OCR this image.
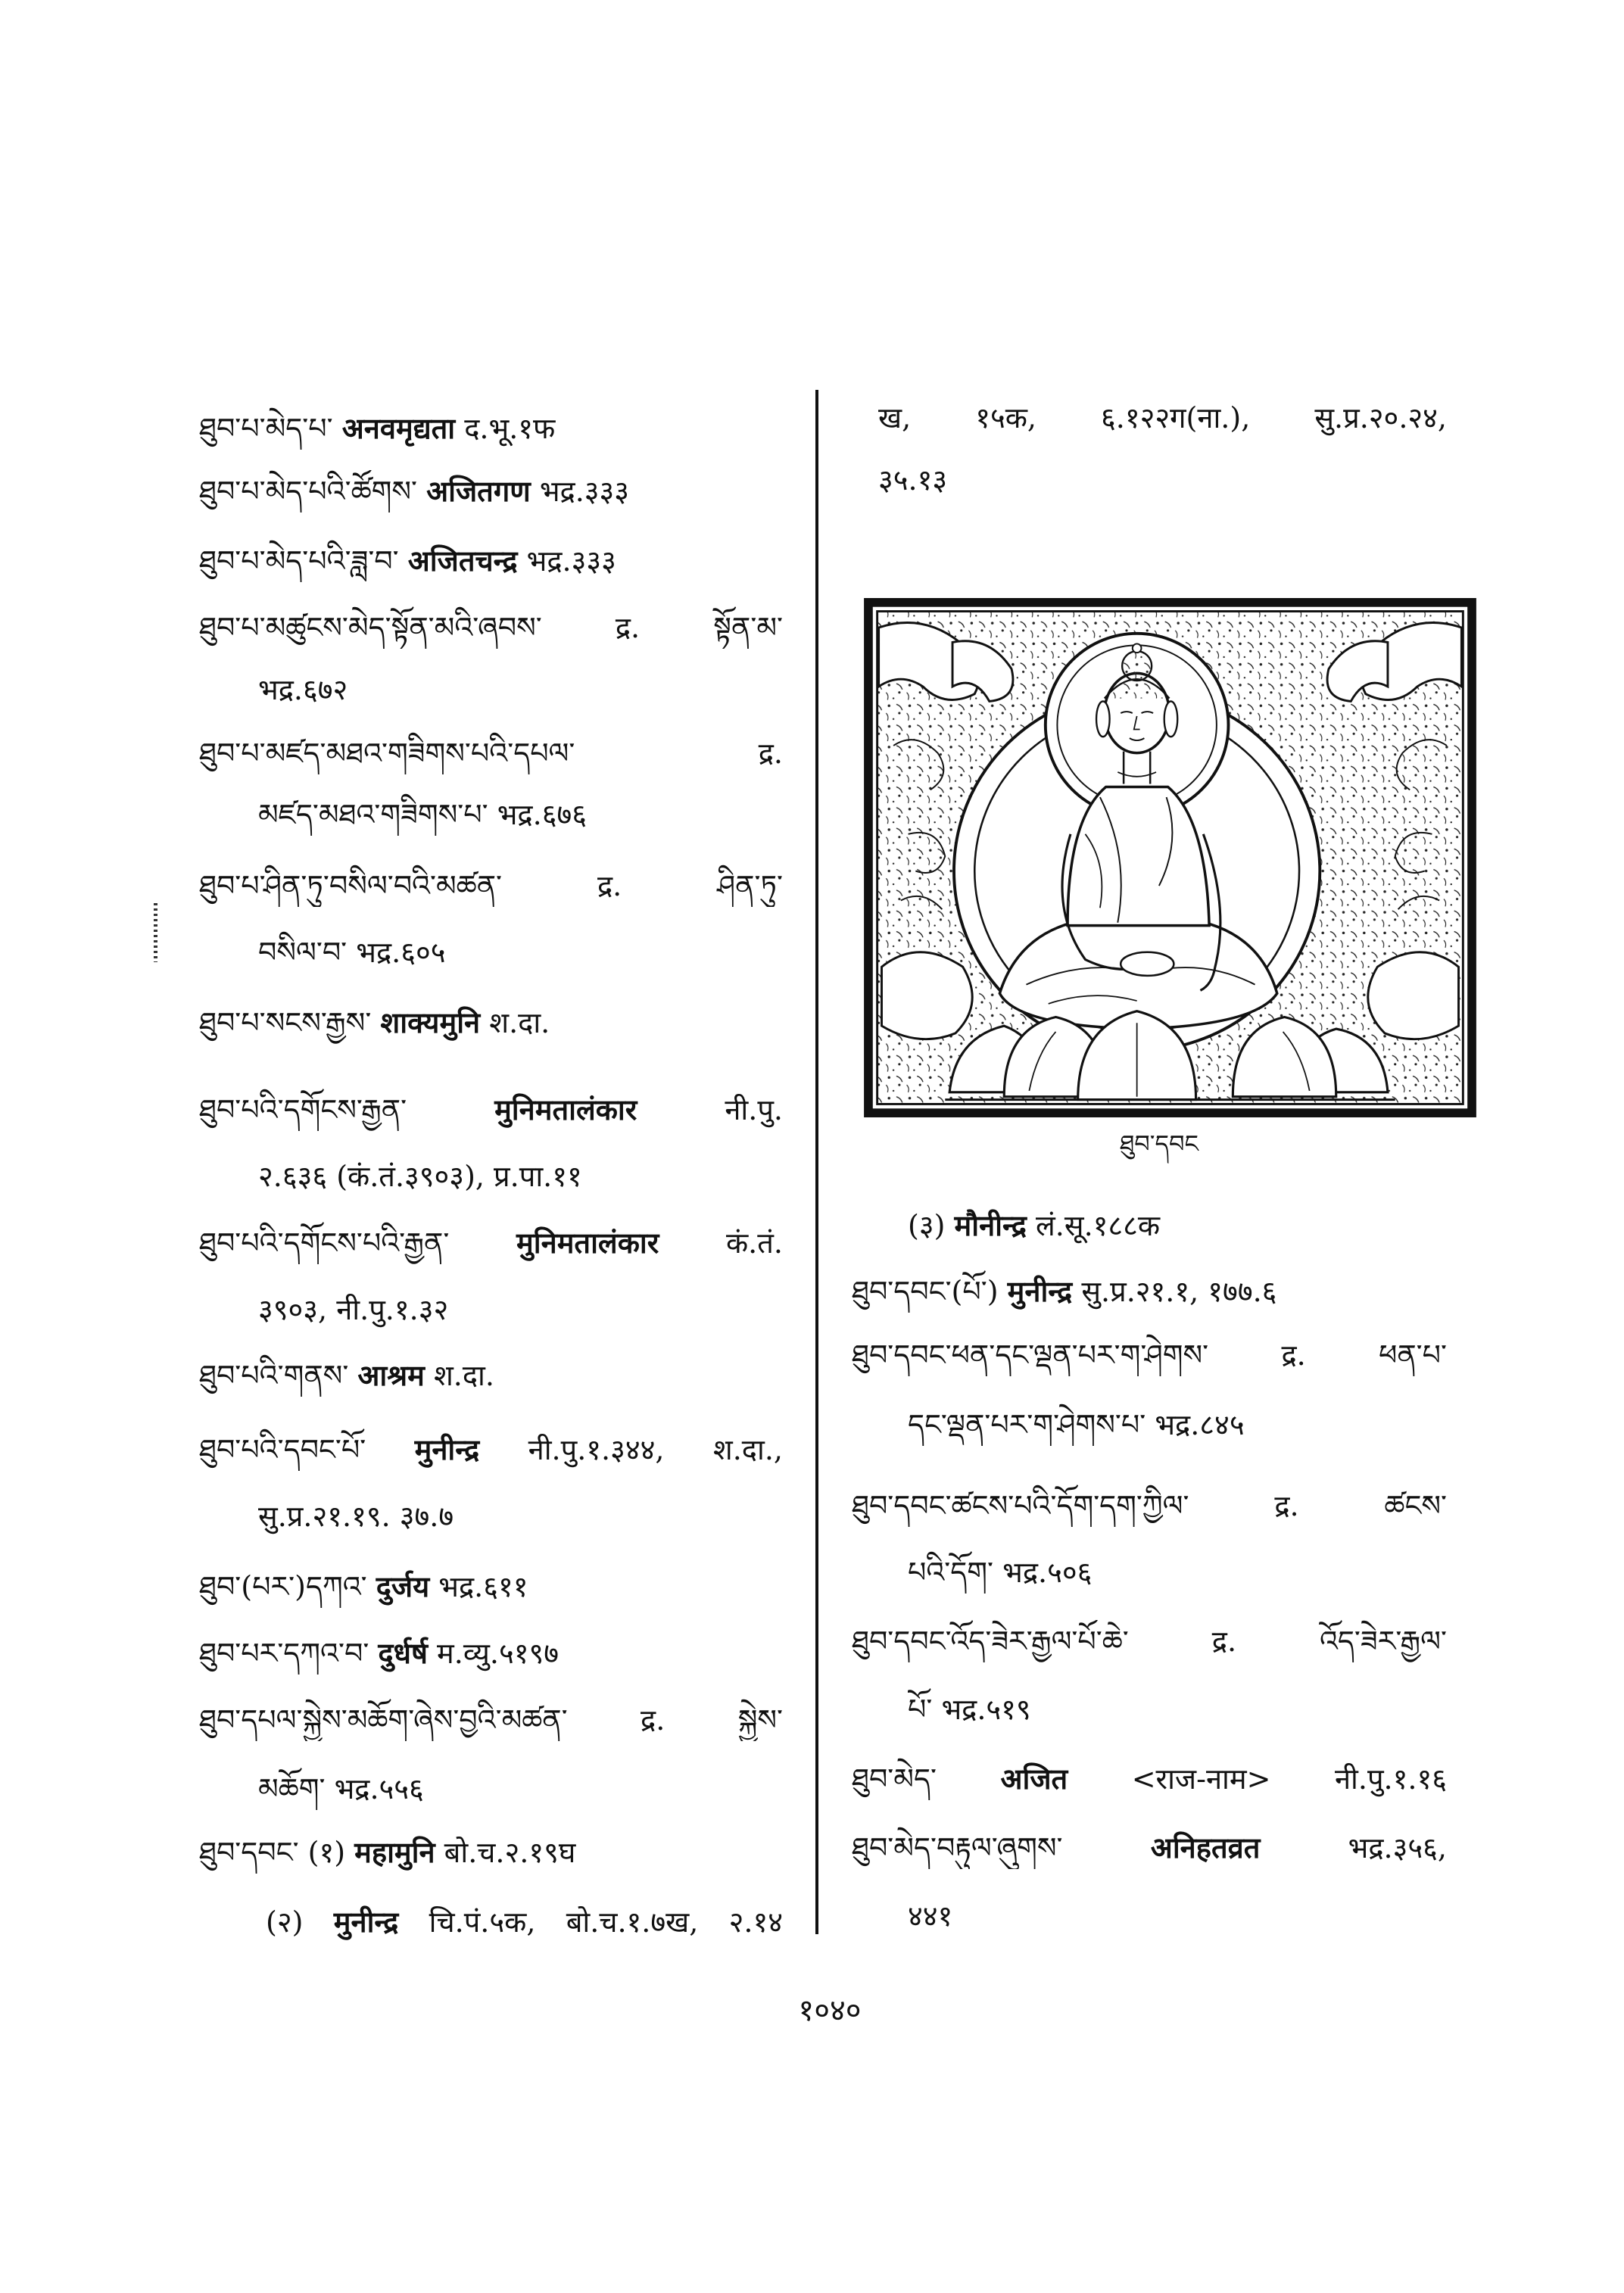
ཐུབ་པ་མེད་པ་ अनवमृद्यता द.भू.१फ
ཐུབ་པ་མེད་པའི་ཚོགས་ अजितगण भद्र.३३३
ཐུབ་པ་མེད་པའི་ཟླ་བ་ अजितचन्द्र भद्र.३३३
ཐུབ་པ་མཚུངས་མེད་སྟོན་མའི་ཞབས་	द्र. སྟོན་མ་
भद्र.६७२
ཐུབ་པ་མཛད་མཐའ་གཟིགས་པའི་དཔལ་	द्र.
མཛད་མཐའ་གཟིགས་པ་ भद्र.६७६
ཐུབ་པ་ཤིན་ཏུ་བསིལ་བའི་མཚན་	द्र. ཤིན་ཏུ་
བསིལ་བ་ भद्र.६०५
ཐུབ་པ་སངས་རྒྱས་ शाक्यमुनि श.दा.
ཐུབ་པའི་དགོངས་རྒྱན་	मुनिमतालंकार	नी.पु.
२.६३६ (कं.तं.३९०३), प्र.पा.११
ཐུབ་པའི་དགོངས་པའི་རྒྱན་ मुनिमतालंकार कं.तं.
३९०३, नी.पु.१.३२
ཐུབ་པའི་གནས་ आश्रम श.दा.
ཐུབ་པའི་དབང་པོ་ मुनीन्द्र नी.पु.१.३४४, श.दा.,
सु.प्र.२१.१९. ३७.७
ཐུབ་(པར་)དཀའ་ दुर्जय भद्र.६११
ཐུབ་པར་དཀའ་བ་ दुर्धर्ष म.व्यु.५१९७
ཐུབ་དཔལ་སྐྱེས་མཆོག་ཞེས་བྱའི་མཚན་	द्र. སྐྱེས་
མཆོག་ भद्र.५५६
ཐུབ་དབང་ (१) महामुनि बो.च.२.१९घ
(२) मुनीन्द्र चि.पं.५क, बो.च.१.७ख, २.१४
ख, १५क, ६.१२२ग(ना.), सु.प्र.२०.२४,
३५.१३
ཐུབ་དབང
(३) मौनीन्द्र लं.सू.१८८क
ཐུབ་དབང་(པོ་) मुनीन्द्र सु.प्र.२१.१, १७७.६
ཐུབ་དབང་ཕན་དང་ལྡན་པར་ག་ཤེགས་	द्र. ཕན་པ་
དང་ལྡན་པར་ག་ཤེགས་པ་ भद्र.८४५
ཐུབ་དབང་ཚངས་པའི་དོག་དག་ཀྱིལ་	द्र. ཚངས་
པའི་དོག་ भद्र.५०६
ཐུབ་དབང་འོད་ཟེར་རྒྱལ་པོ་ཆེ་	द्र. འོད་ཟེར་རྒྱལ་
པོ་ भद्र.५१९
ཐུབ་མེད་ अजित <राज-नाम> नी.पु.१.१६
ཐུབ་མེད་བརྟུལ་ཞུགས་	अनिहतव्रत	भद्र.३५६,
४४१
१०४०
